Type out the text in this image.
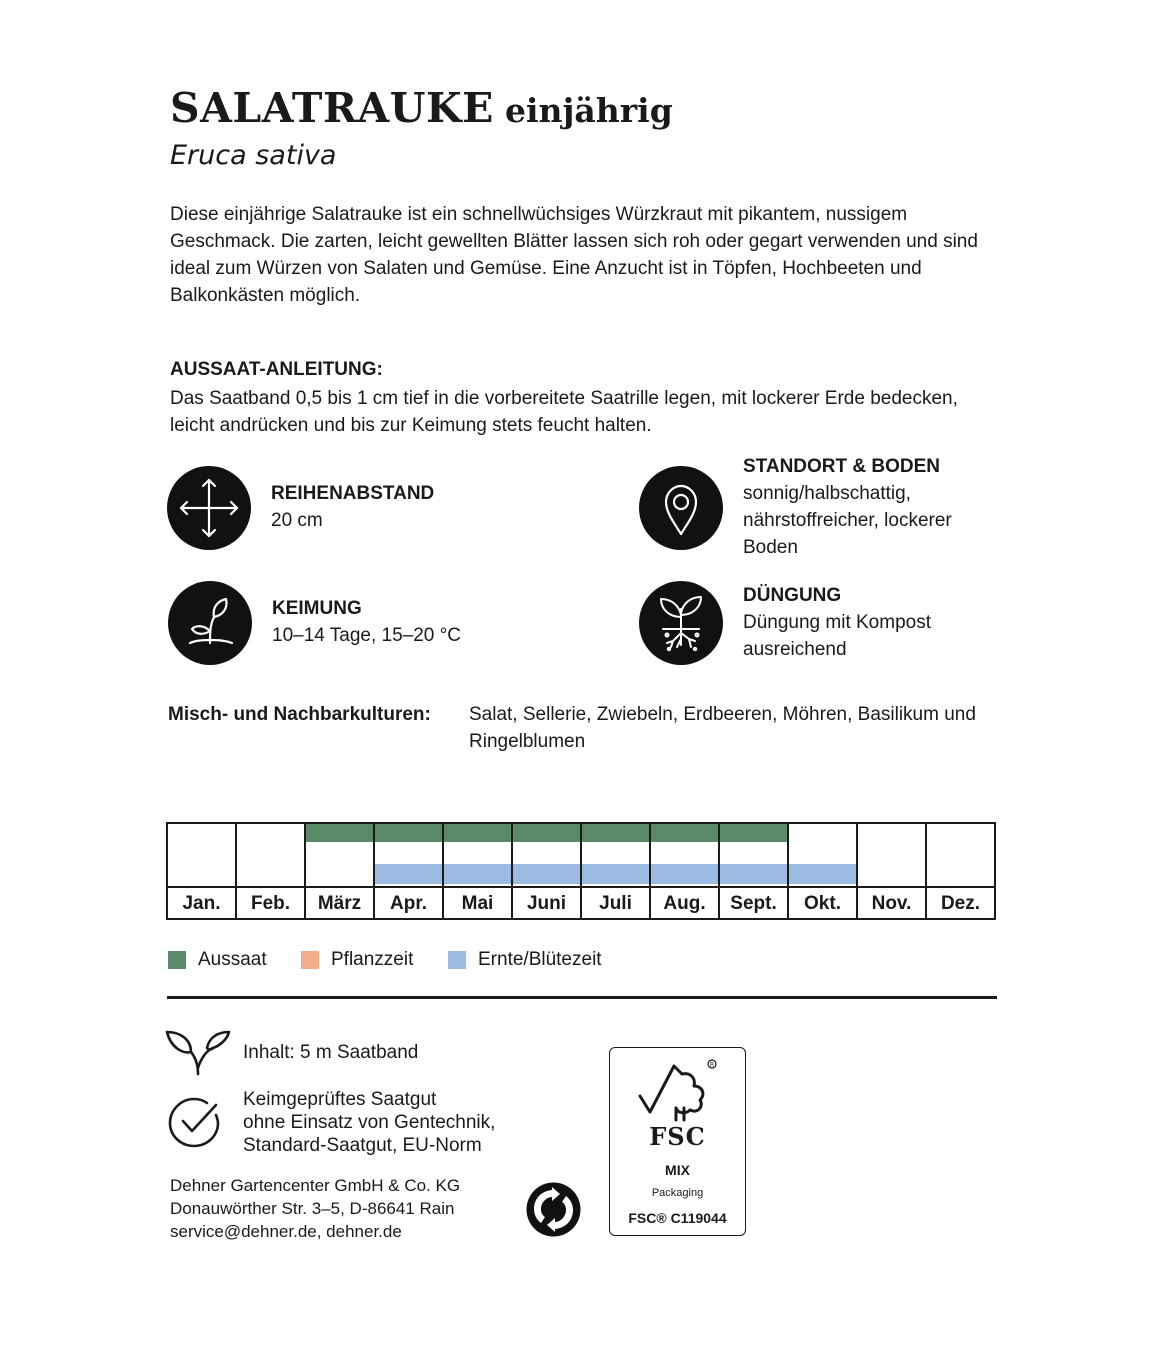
SALATRAUKE einjährig
Eruca sativa
Diese einjährige Salatrauke ist ein schnellwüchsiges Würzkraut mit pikantem, nussigem Geschmack. Die zarten, leicht gewellten Blätter lassen sich roh oder gegart verwenden und sind ideal zum Würzen von Salaten und Gemüse. Eine Anzucht ist in Töpfen, Hochbeeten und Balkonkästen möglich.
AUSSAAT-ANLEITUNG:
Das Saatband 0,5 bis 1 cm tief in die vorbereitete Saatrille legen, mit lockerer Erde bedecken, leicht andrücken und bis zur Keimung stets feucht halten.
REIHENABSTAND
20 cm
KEIMUNG
10–14 Tage, 15–20 °C
STANDORT & BODEN
sonnig/halbschattig, nährstoffreicher, lockerer Boden
DÜNGUNG
Düngung mit Kompost ausreichend
Misch- und Nachbarkulturen: Salat, Sellerie, Zwiebeln, Erdbeeren, Möhren, Basilikum und Ringelblumen
Jan.	Feb.	März	Apr.	Mai	Juni	Juli	Aug.	Sept.	Okt.	Nov.	Dez.
Aussaat	Pflanzzeit	Ernte/Blütezeit
Inhalt: 5 m Saatband
Keimgeprüftes Saatgut
ohne Einsatz von Gentechnik,
Standard-Saatgut, EU-Norm
Dehner Gartencenter GmbH & Co. KG
Donauwörther Str. 3–5, D-86641 Rain
service@dehner.de, dehner.de
R
FSC
MIX
Packaging
FSC® C119044
